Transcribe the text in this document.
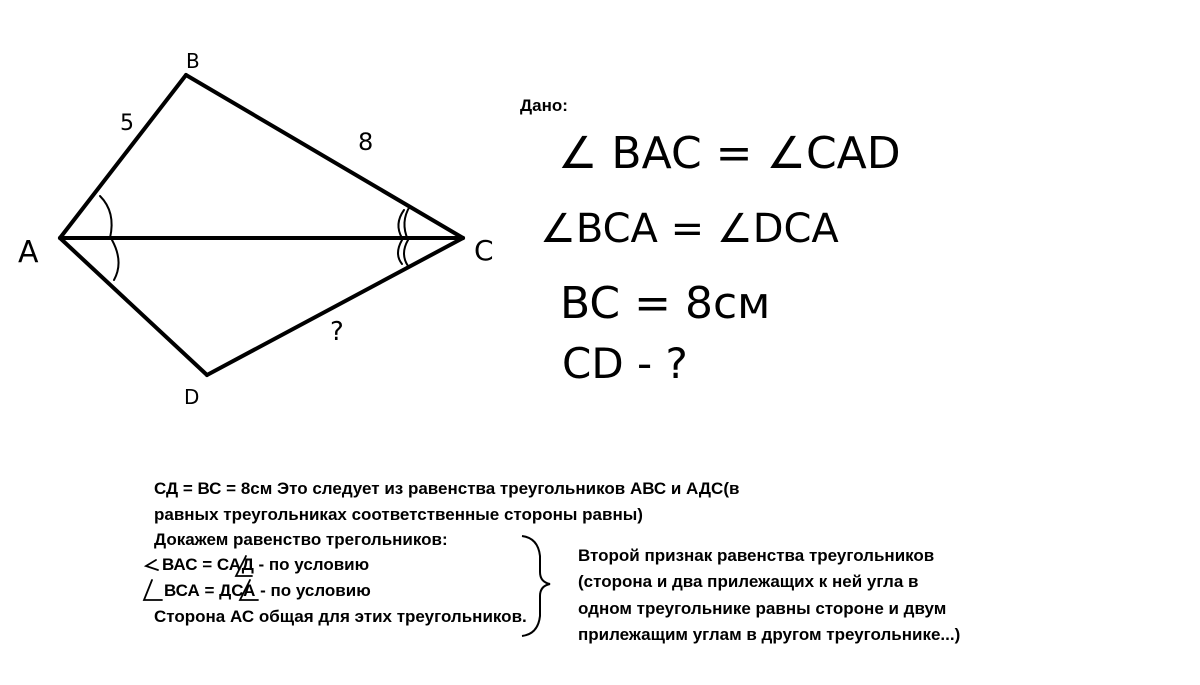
B
A	C
D
5
8
?
∠ BAC = ∠CAD
∠BCA = ∠DCA
BC = 8см
CD - ?
Дано:
СД = ВС = 8см Это следует из равенства треугольников АВС и АДС(в
равных треугольниках соответственные стороны равны)
Докажем равенство трегольников:
ВАС = САД - по условию
ВСА = ДСА - по условию
Сторона АС общая для этих треугольников.
Второй признак равенства треугольников
(сторона и два прилежащих к ней угла в
одном треугольнике равны стороне и двум
прилежащим углам в другом треугольнике...)
